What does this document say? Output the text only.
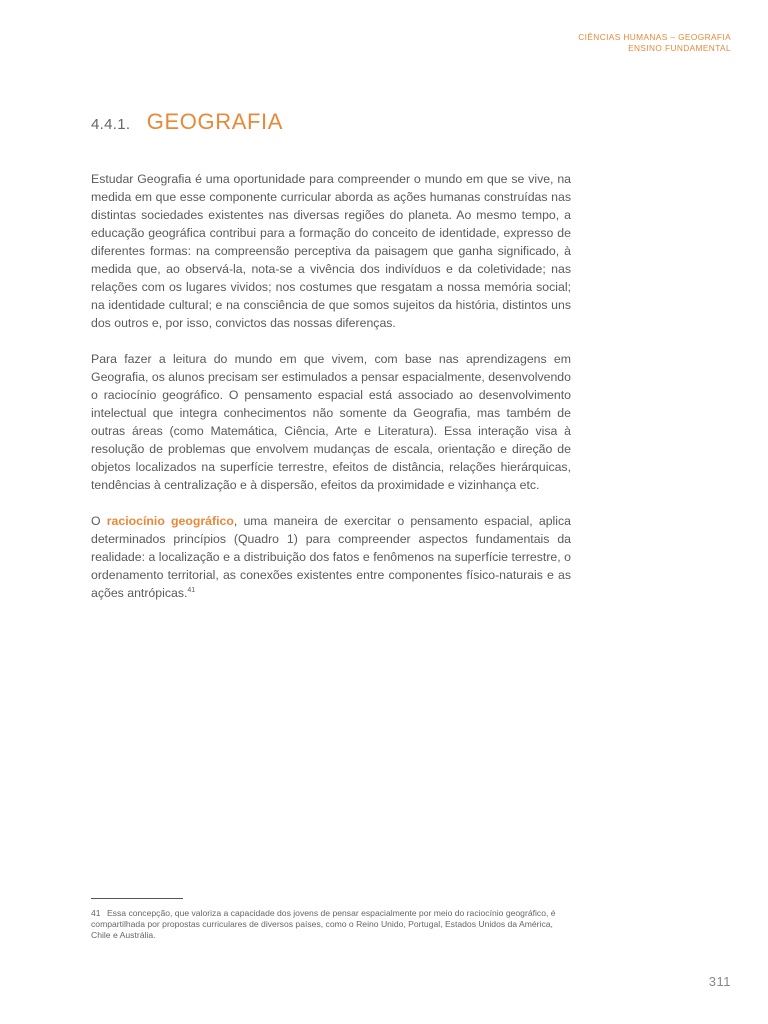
CIÊNCIAS HUMANAS – GEOGRAFIA
ENSINO FUNDAMENTAL
4.4.1. GEOGRAFIA

Estudar Geografia é uma oportunidade para compreender o mundo em que se vive, na medida em que esse componente curricular aborda as ações humanas construídas nas distintas sociedades existentes nas diversas regiões do planeta. Ao mesmo tempo, a educação geográfica contribui para a formação do conceito de identidade, expresso de diferentes formas: na compreensão perceptiva da paisagem que ganha significado, à medida que, ao observá-la, nota-se a vivência dos indivíduos e da coletividade; nas relações com os lugares vividos; nos costumes que resgatam a nossa memória social; na identidade cultural; e na consciência de que somos sujeitos da história, distintos uns dos outros e, por isso, convictos das nossas diferenças.

Para fazer a leitura do mundo em que vivem, com base nas aprendizagens em Geografia, os alunos precisam ser estimulados a pensar espacialmente, desenvolvendo o raciocínio geográfico. O pensamento espacial está associado ao desenvolvimento intelectual que integra conhecimentos não somente da Geografia, mas também de outras áreas (como Matemática, Ciência, Arte e Literatura). Essa interação visa à resolução de problemas que envolvem mudanças de escala, orientação e direção de objetos localizados na superfície terrestre, efeitos de distância, relações hierárquicas, tendências à centralização e à dispersão, efeitos da proximidade e vizinhança etc.

O raciocínio geográfico, uma maneira de exercitar o pensamento espacial, aplica determinados princípios (Quadro 1) para compreender aspectos fundamentais da realidade: a localização e a distribuição dos fatos e fenômenos na superfície terrestre, o ordenamento territorial, as conexões existentes entre componentes físico-naturais e as ações antrópicas.$^{41}$

41 Essa concepção, que valoriza a capacidade dos jovens de pensar espacialmente por meio do raciocínio geográfico, é compartilhada por propostas curriculares de diversos países, como o Reino Unido, Portugal, Estados Unidos da América, Chile e Austrália.
311
